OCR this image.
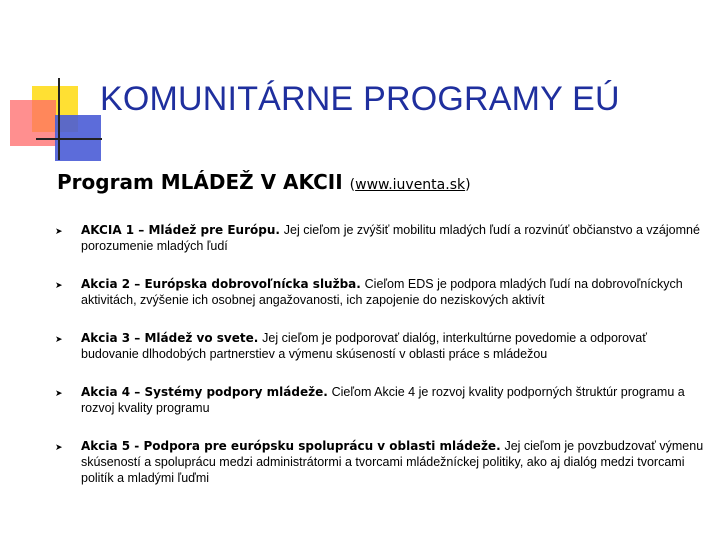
KOMUNITÁRNE PROGRAMY EÚ
Program MLÁDEŽ V AKCII (www.iuventa.sk)
➤ AKCIA 1 – Mládež pre Európu. Jej cieľom je zvýšiť mobilitu mladých ľudí a rozvinúť občianstvo a vzájomné porozumenie mladých ľudí
➤ Akcia 2 – Európska dobrovoľnícka služba. Cieľom EDS je podpora mladých ľudí na dobrovoľníckych aktivitách, zvýšenie ich osobnej angažovanosti, ich zapojenie do neziskových aktivít
➤ Akcia 3 – Mládež vo svete. Jej cieľom je podporovať dialóg, interkultúrne povedomie a odporovať budovanie dlhodobých partnerstiev a výmenu skúseností v oblasti práce s mládežou
➤ Akcia 4 – Systémy podpory mládeže. Cieľom Akcie 4 je rozvoj kvality podporných štruktúr programu a rozvoj kvality programu
➤ Akcia 5 - Podpora pre európsku spoluprácu v oblasti mládeže. Jej cieľom je povzbudzovať výmenu skúseností a spoluprácu medzi administrátormi a tvorcami mládežníckej politiky, ako aj dialóg medzi tvorcami politík a mladými ľuďmi
